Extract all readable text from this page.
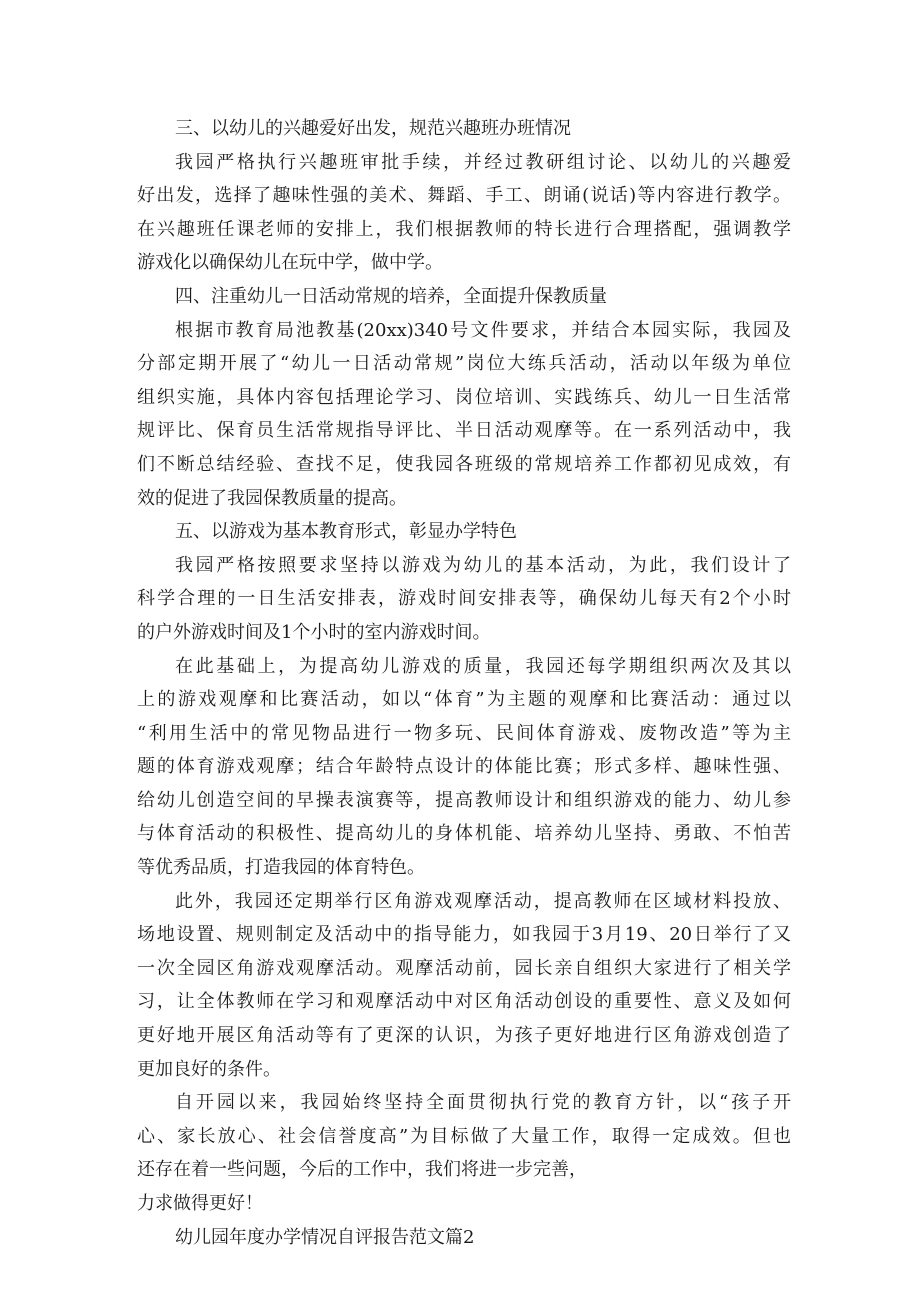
三、以幼儿的兴趣爱好出发，规范兴趣班办班情况
我园严格执行兴趣班审批手续，并经过教研组讨论、以幼儿的兴趣爱
好出发，选择了趣味性强的美术、舞蹈、手工、朗诵(说话)等内容进行教学。
在兴趣班任课老师的安排上，我们根据教师的特长进行合理搭配，强调教学
游戏化以确保幼儿在玩中学，做中学。
四、注重幼儿一日活动常规的培养，全面提升保教质量
根据市教育局池教基(20xx)340号文件要求，并结合本园实际，我园及
分部定期开展了“幼儿一日活动常规”岗位大练兵活动，活动以年级为单位
组织实施，具体内容包括理论学习、岗位培训、实践练兵、幼儿一日生活常
规评比、保育员生活常规指导评比、半日活动观摩等。在一系列活动中，我
们不断总结经验、查找不足，使我园各班级的常规培养工作都初见成效，有
效的促进了我园保教质量的提高。
五、以游戏为基本教育形式，彰显办学特色
我园严格按照要求坚持以游戏为幼儿的基本活动，为此，我们设计了
科学合理的一日生活安排表，游戏时间安排表等，确保幼儿每天有2个小时
的户外游戏时间及1个小时的室内游戏时间。
在此基础上，为提高幼儿游戏的质量，我园还每学期组织两次及其以
上的游戏观摩和比赛活动，如以“体育”为主题的观摩和比赛活动：通过以
“利用生活中的常见物品进行一物多玩、民间体育游戏、废物改造”等为主
题的体育游戏观摩；结合年龄特点设计的体能比赛；形式多样、趣味性强、
给幼儿创造空间的早操表演赛等，提高教师设计和组织游戏的能力、幼儿参
与体育活动的积极性、提高幼儿的身体机能、培养幼儿坚持、勇敢、不怕苦
等优秀品质，打造我园的体育特色。
此外，我园还定期举行区角游戏观摩活动，提高教师在区域材料投放、
场地设置、规则制定及活动中的指导能力，如我园于3月19、20日举行了又
一次全园区角游戏观摩活动。观摩活动前，园长亲自组织大家进行了相关学
习，让全体教师在学习和观摩活动中对区角活动创设的重要性、意义及如何
更好地开展区角活动等有了更深的认识，为孩子更好地进行区角游戏创造了
更加良好的条件。
自开园以来，我园始终坚持全面贯彻执行党的教育方针，以“孩子开
心、家长放心、社会信誉度高”为目标做了大量工作，取得一定成效。但也
还存在着一些问题，今后的工作中，我们将进一步完善，
力求做得更好！
幼儿园年度办学情况自评报告范文篇2
